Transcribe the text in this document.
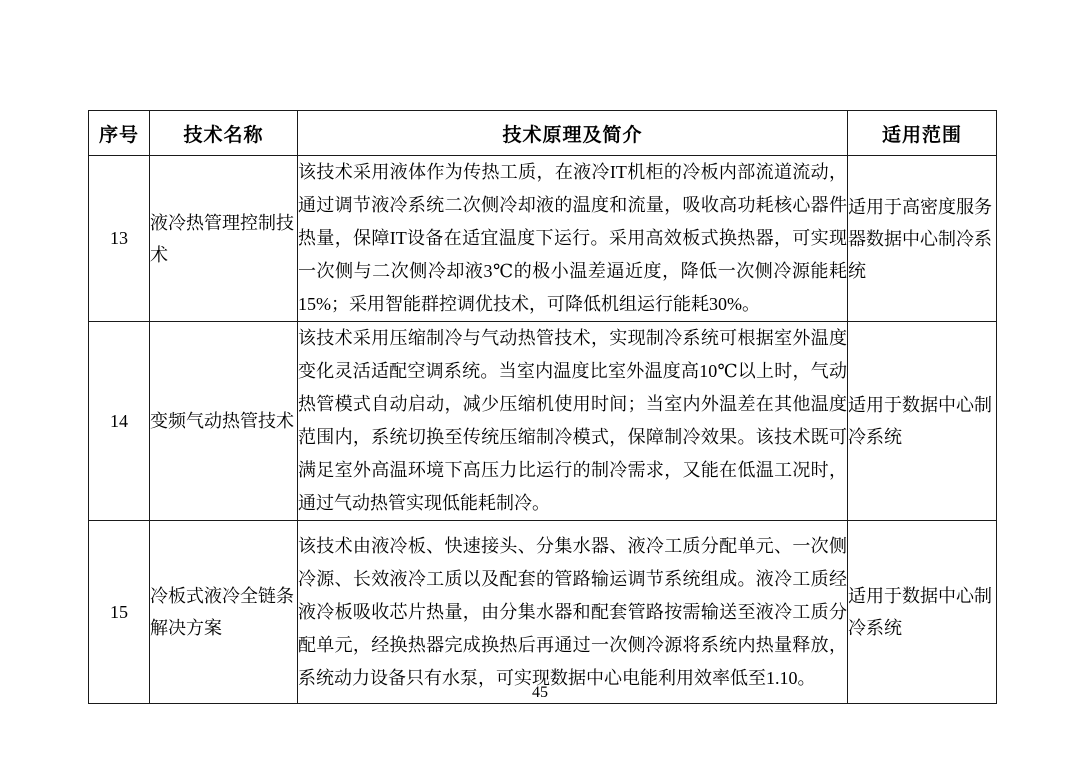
序号	技术名称	技术原理及简介	适用范围
13	液冷热管理控制技术	该技术采用液体作为传热工质，在液冷IT机柜的冷板内部流道流动，通过调节液冷系统二次侧冷却液的温度和流量，吸收高功耗核心器件热量，保障IT设备在适宜温度下运行。采用高效板式换热器，可实现一次侧与二次侧冷却液3℃的极小温差逼近度，降低一次侧冷源能耗15%；采用智能群控调优技术，可降低机组运行能耗30%。	适用于高密度服务器数据中心制冷系统
14	变频气动热管技术	该技术采用压缩制冷与气动热管技术，实现制冷系统可根据室外温度变化灵活适配空调系统。当室内温度比室外温度高10℃以上时，气动热管模式自动启动，减少压缩机使用时间；当室内外温差在其他温度范围内，系统切换至传统压缩制冷模式，保障制冷效果。该技术既可满足室外高温环境下高压力比运行的制冷需求，又能在低温工况时，通过气动热管实现低能耗制冷。	适用于数据中心制冷系统
15	冷板式液冷全链条解决方案	该技术由液冷板、快速接头、分集水器、液冷工质分配单元、一次侧冷源、长效液冷工质以及配套的管路输运调节系统组成。液冷工质经液冷板吸收芯片热量，由分集水器和配套管路按需输送至液冷工质分配单元，经换热器完成换热后再通过一次侧冷源将系统内热量释放，系统动力设备只有水泵，可实现数据中心电能利用效率低至1.10。	适用于数据中心制冷系统
45
